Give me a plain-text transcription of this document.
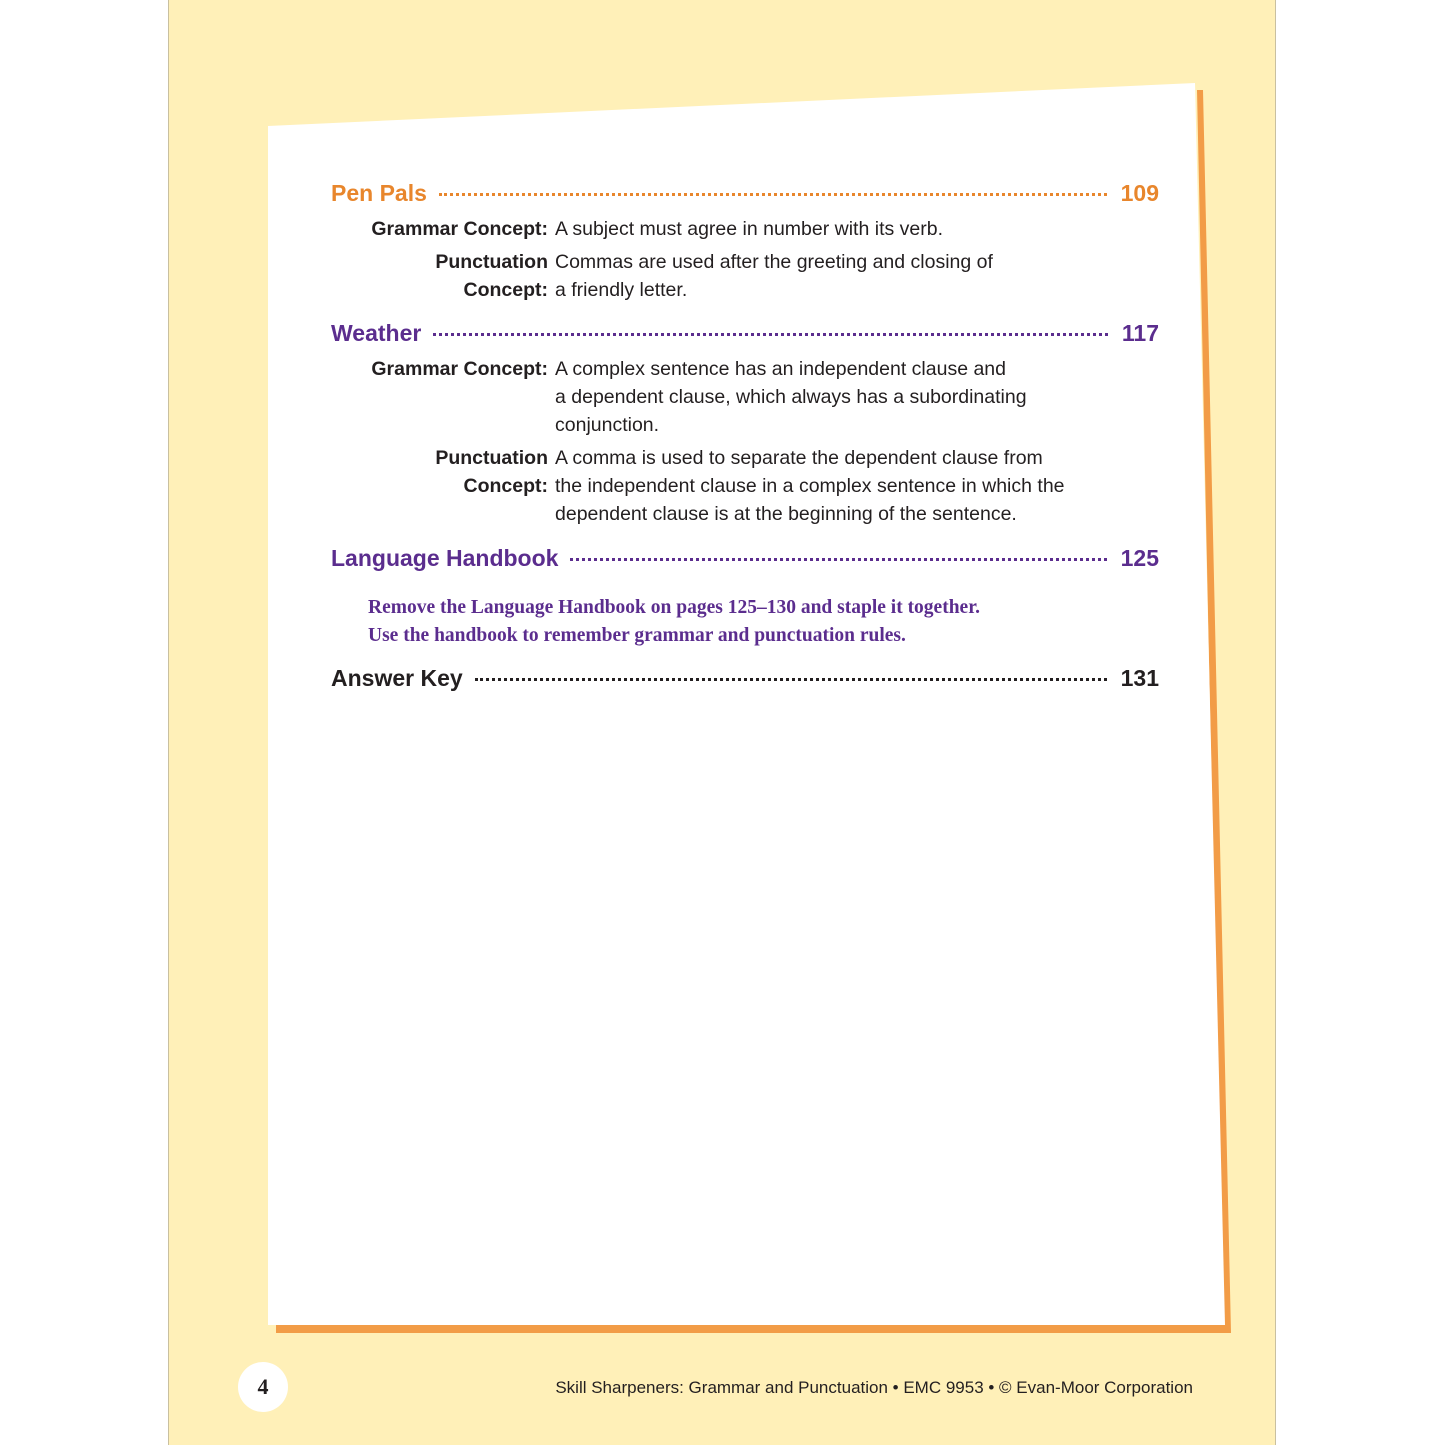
Pen Pals	109
Grammar Concept: A subject must agree in number with its verb.
Punctuation Concept:
Commas are used after the greeting and closing of
a friendly letter.
Weather	117
Grammar Concept: A complex sentence has an independent clause and
a dependent clause, which always has a subordinating
conjunction.
Punctuation Concept:
A comma is used to separate the dependent clause from
the independent clause in a complex sentence in which the
dependent clause is at the beginning of the sentence.
Language Handbook	125
Remove the Language Handbook on pages 125–130 and staple it together.
Use the handbook to remember grammar and punctuation rules.
Answer Key	131
4	Skill Sharpeners: Grammar and Punctuation • EMC 9953 • © Evan-Moor Corporation
